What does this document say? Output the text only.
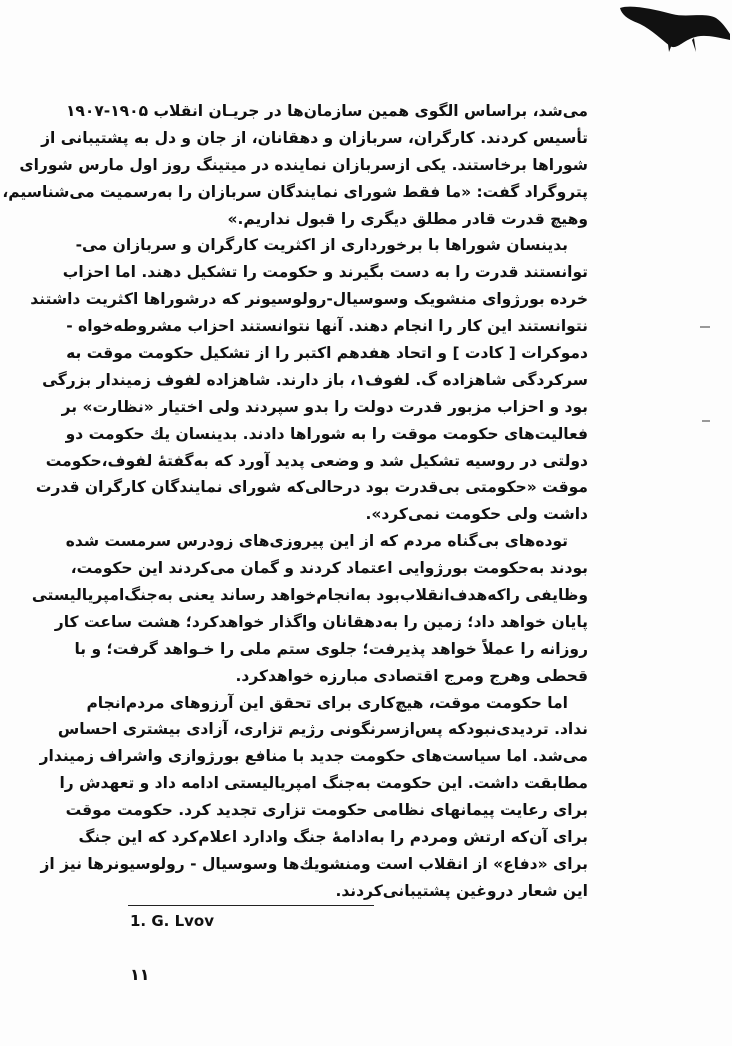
می‌شد، براساس الگوی همین سازمان‌ها در جریـان انقلاب ۱۹۰۵-۱۹۰۷
تأسیس کردند. کارگران، سربازان و دهقانان، از جان و دل به پشتیبانی از
شوراها برخاستند. یکی ازسربازان نماینده در میتینگ روز اول مارس شورای
پتروگراد گفت: «ما فقط شورای نمایندگان سربازان را به‌رسمیت می‌شناسیم،
وهیچ قدرت قادر مطلق دیگری را قبول نداریم.»
بدینسان شوراها با برخورداری از اکثریت کارگران و سربازان می-
توانستند قدرت را به دست بگیرند و حکومت را تشکیل دهند. اما احزاب
خرده بورژوای منشویک وسوسیال-رولوسیونر که درشوراها اکثریت داشتند
نتوانستند این کار را انجام دهند. آنها نتوانستند احزاب مشروطه‌خواه -
دموکرات [ کادت ] و اتحاد هفدهم اکتبر را از تشکیل حکومت موقت به
سرکردگی شاهزاده گ. لفوف۱، باز دارند. شاهزاده لفوف زمیندار بزرگی
بود و احزاب مزبور قدرت دولت را بدو سپردند ولی اختیار «نظارت» بر
فعالیت‌های حکومت موقت را به شوراها دادند. بدینسان یك حکومت دو
دولتی در روسیه تشکیل شد و وضعی پدید آورد که به‌گفتهٔ لفوف،حکومت
موقت «حکومتی بی‌قدرت بود درحالی‌که شورای نمایندگان کارگران قدرت
داشت ولی حکومت نمی‌کرد».
توده‌های بی‌گناه مردم که از این پیروزی‌های زودرس سرمست شده
بودند به‌حکومت بورژوایی اعتماد کردند و گمان می‌کردند این حکومت،
وظایفی راکه‌هدف‌انقلاب‌بود به‌انجام‌خواهد رساند یعنی به‌جنگ‌امپریالیستی
پایان خواهد داد؛ زمین را به‌دهقانان واگذار خواهدکرد؛ هشت ساعت کار
روزانه را عملاً خواهد پذیرفت؛ جلوی ستم ملی را خـواهد گرفت؛ و با
قحطی وهرج ومرج اقتصادی مبارزه خواهدکرد.
اما حکومت موقت، هیچ‌کاری برای تحقق این آرزوهای مردم‌انجام
نداد. تردیدی‌نبودکه پس‌ازسرنگونی رژیم تزاری، آزادی بیشتری احساس
می‌شد. اما سیاست‌های حکومت جدید با منافع بورژوازی واشراف زمیندار
مطابقت داشت. این حکومت به‌جنگ امپریالیستی ادامه داد و تعهدش را
برای رعایت پیمانهای نظامی حکومت تزاری تجدید کرد. حکومت موقت
برای آن‌که ارتش ومردم را به‌ادامهٔ جنگ وادارد اعلام‌کرد که این جنگ
برای «دفاع» از انقلاب است ومنشویك‌ها وسوسیال - رولوسیونرها نیز از
این شعار دروغین پشتیبانی‌کردند.
1. G. Lvov
۱۱
